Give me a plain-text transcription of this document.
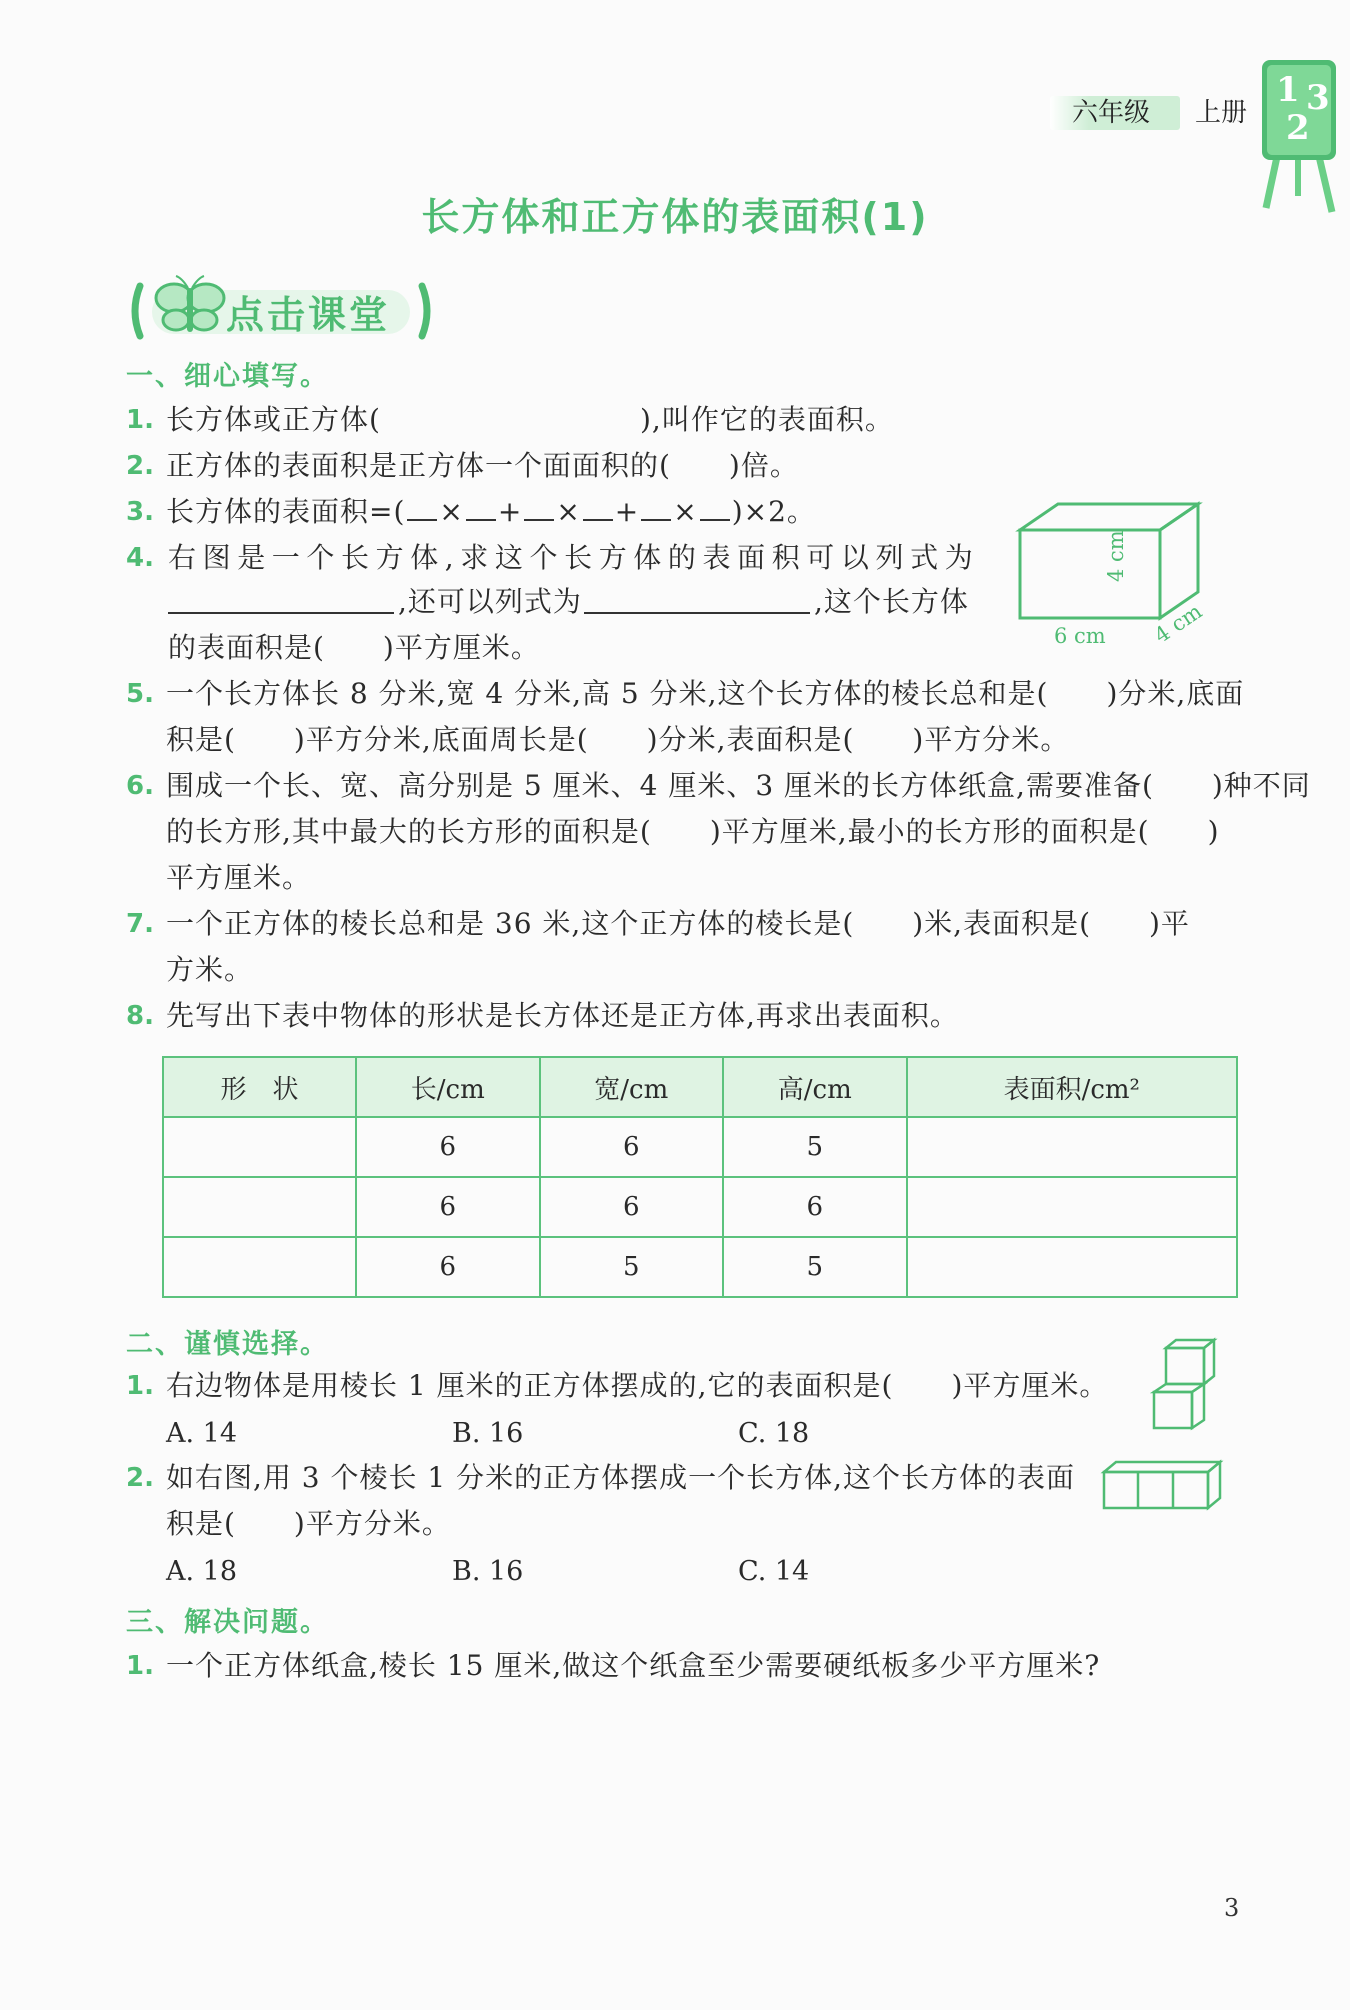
六年级 上册
1 3
2
长方体和正方体的表面积(1)
点击课堂
一、细心填写。
1. 长方体或正方体(	),叫作它的表面积。
2. 正方体的表面积是正方体一个面面积的(　　)倍。
3. 长方体的表面积=( × + × + × )×2。
4. 右图是一个长方体,求这个长方体的表面积可以列式为
,还可以列式为	,这个长方体
的表面积是(　　)平方厘米。	6 cm
4 cm
4 cm
5. 一个长方体长 8 分米,宽 4 分米,高 5 分米,这个长方体的棱长总和是(　　)分米,底面
积是(　　)平方分米,底面周长是(　　)分米,表面积是(　　)平方分米。
6. 围成一个长、宽、高分别是 5 厘米、4 厘米、3 厘米的长方体纸盒,需要准备(　　)种不同
的长方形,其中最大的长方形的面积是(　　)平方厘米,最小的长方形的面积是(　　)
平方厘米。
7. 一个正方体的棱长总和是 36 米,这个正方体的棱长是(　　)米,表面积是(　　)平
方米。
8. 先写出下表中物体的形状是长方体还是正方体,再求出表面积。
形　状	长/cm	宽/cm	高/cm	表面积/cm²
	6	6	5	
	6	6	6	
	6	5	5	
二、谨慎选择。
1. 右边物体是用棱长 1 厘米的正方体摆成的,它的表面积是(　　)平方厘米。
A. 14	B. 16	C. 18
2. 如右图,用 3 个棱长 1 分米的正方体摆成一个长方体,这个长方体的表面
积是(　　)平方分米。
A. 18	B. 16	C. 14
三、解决问题。
1. 一个正方体纸盒,棱长 15 厘米,做这个纸盒至少需要硬纸板多少平方厘米?
3
